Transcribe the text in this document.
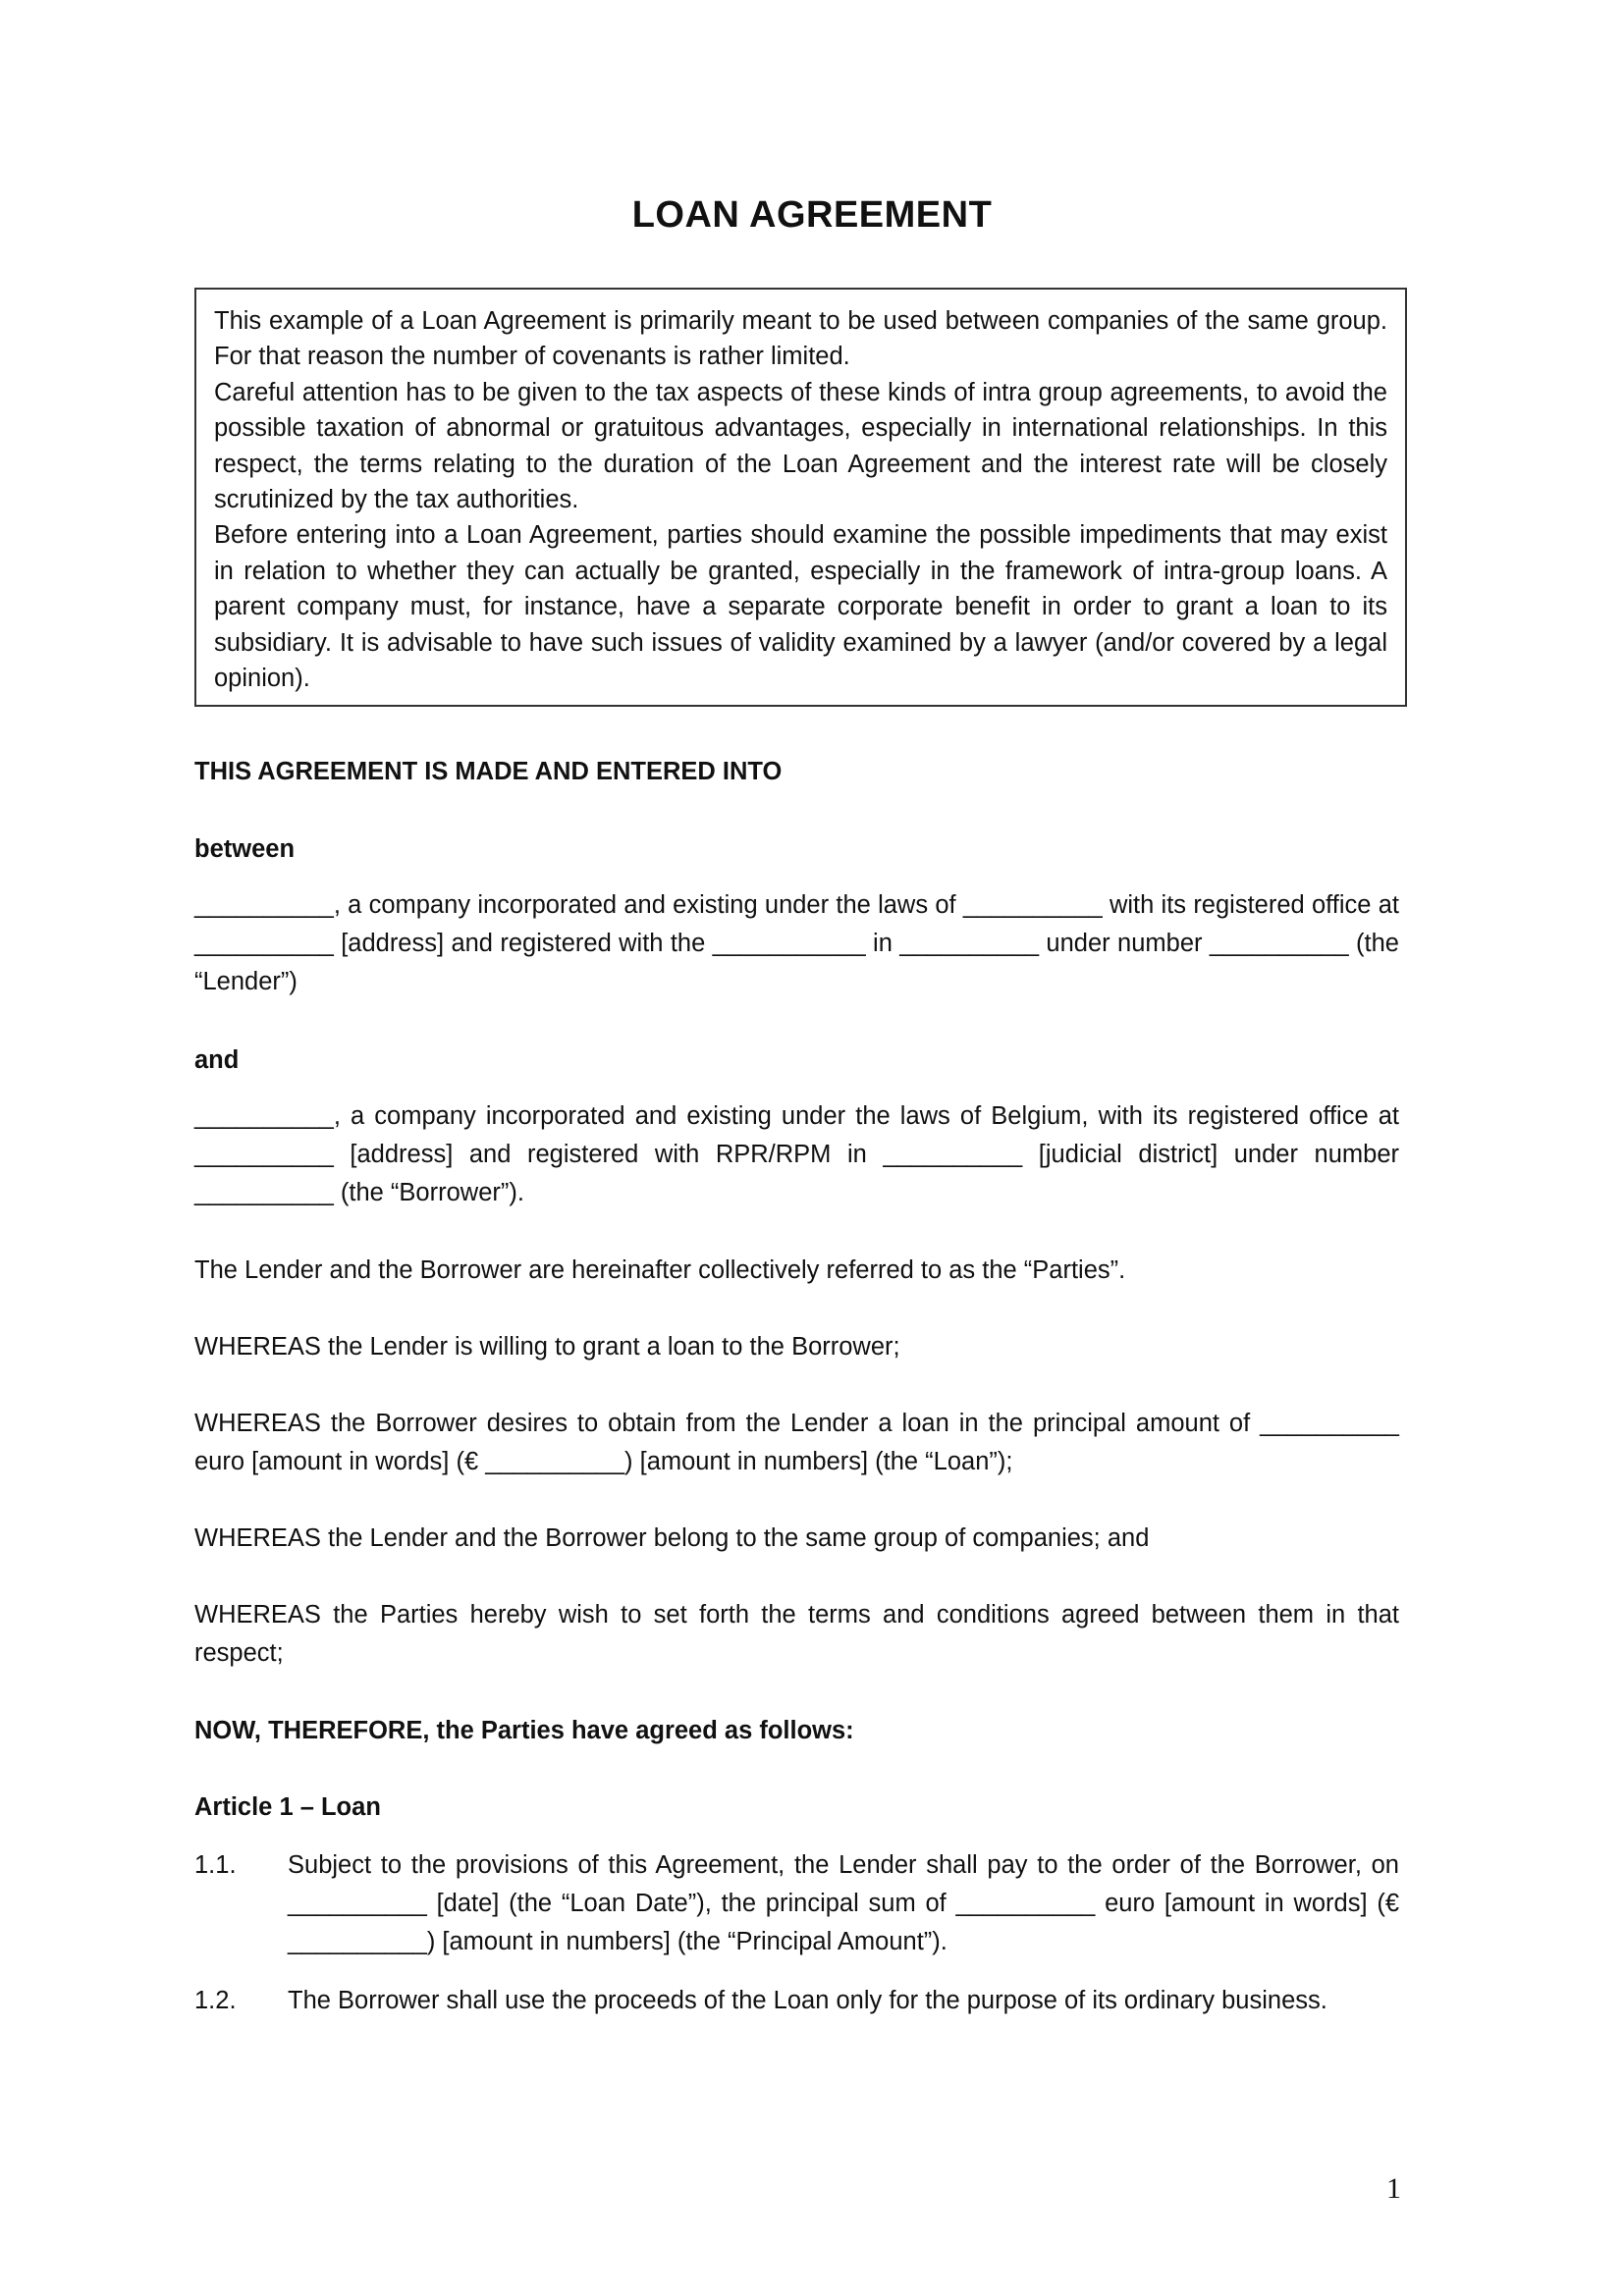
LOAN AGREEMENT

This example of a Loan Agreement is primarily meant to be used between companies of the same group. For that reason the number of covenants is rather limited.

Careful attention has to be given to the tax aspects of these kinds of intra group agreements, to avoid the possible taxation of abnormal or gratuitous advantages, especially in international relationships. In this respect, the terms relating to the duration of the Loan Agreement and the interest rate will be closely scrutinized by the tax authorities.

Before entering into a Loan Agreement, parties should examine the possible impediments that may exist in relation to whether they can actually be granted, especially in the framework of intra-group loans. A parent company must, for instance, have a separate corporate benefit in order to grant a loan to its subsidiary. It is advisable to have such issues of validity examined by a lawyer (and/or covered by a legal opinion).

THIS AGREEMENT IS MADE AND ENTERED INTO

between

__________, a company incorporated and existing under the laws of __________ with its registered office at __________ [address] and registered with the ___________ in __________ under number __________ (the “Lender”)

and

__________, a company incorporated and existing under the laws of Belgium, with its registered office at __________ [address] and registered with RPR/RPM in __________ [judicial district] under number __________ (the “Borrower”).

The Lender and the Borrower are hereinafter collectively referred to as the “Parties”.

WHEREAS the Lender is willing to grant a loan to the Borrower;

WHEREAS the Borrower desires to obtain from the Lender a loan in the principal amount of __________ euro [amount in words] (€ __________) [amount in numbers] (the “Loan”);

WHEREAS the Lender and the Borrower belong to the same group of companies; and

WHEREAS the Parties hereby wish to set forth the terms and conditions agreed between them in that respect;

NOW, THEREFORE, the Parties have agreed as follows:

Article 1 – Loan

1.1.	Subject to the provisions of this Agreement, the Lender shall pay to the order of the Borrower, on __________ [date] (the “Loan Date”), the principal sum of __________ euro [amount in words] (€ __________) [amount in numbers] (the “Principal Amount”).
1.2.	The Borrower shall use the proceeds of the Loan only for the purpose of its ordinary business.
1
